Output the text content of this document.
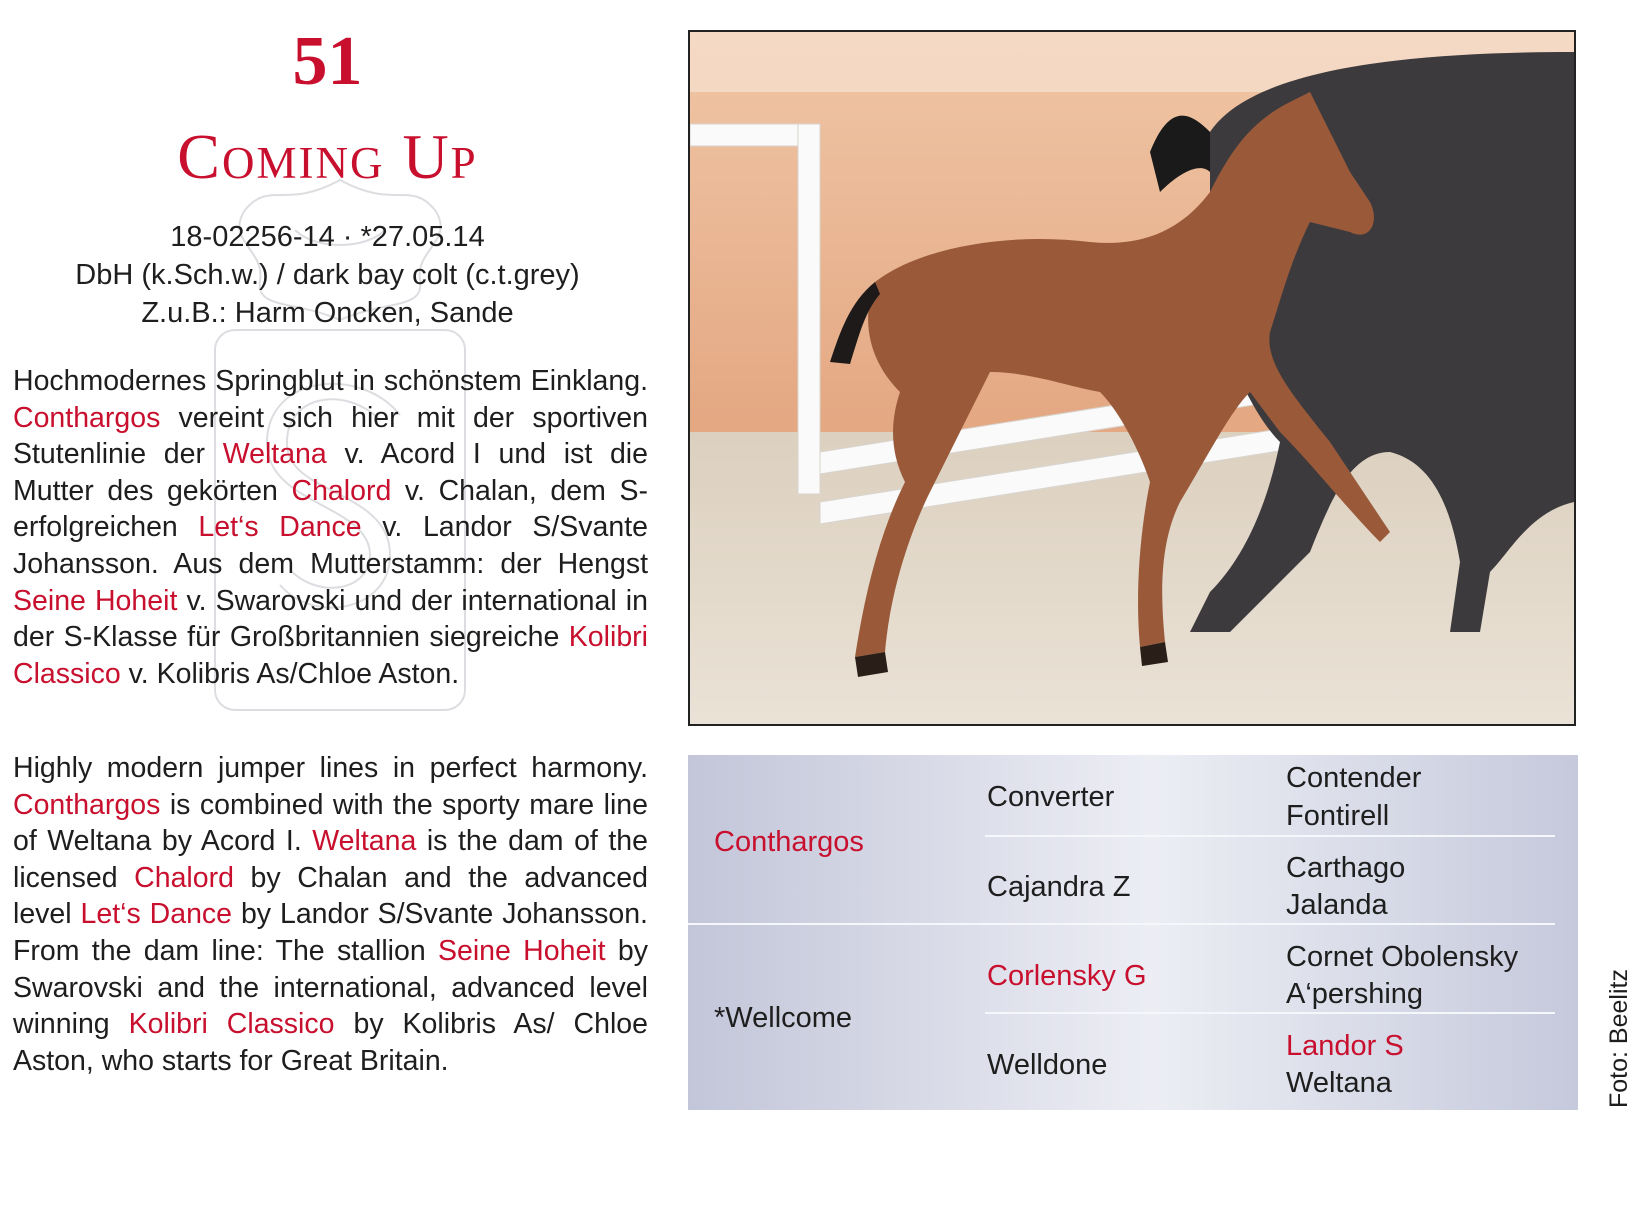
51
Coming Up
18-02256-14 · *27.05.14
DbH (k.Sch.w.) / dark bay colt (c.t.grey)
Z.u.B.: Harm Oncken, Sande
Hochmodernes Springblut in schönstem Einklang. Conthargos vereint sich hier mit der sportiven Stutenlinie der Weltana v. Acord I und ist die Mutter des gekörten Chalord v. Chalan, dem S-erfolgreichen Let‘s Dance v. Landor S/Svante Johansson. Aus dem Mutterstamm: der Hengst Seine Hoheit v. Swarovski und der international in der S-Klasse für Großbritannien siegreiche Kolibri Classico v. Kolibris As/Chloe Aston.
Highly modern jumper lines in perfect harmony. Conthargos is combined with the sporty mare line of Weltana by Acord I. Weltana is the dam of the licensed Chalord by Chalan and the advanced level Let‘s Dance by Landor S/Svante Johansson. From the dam line: The stallion Seine Hoheit by Swarovski and the international, advanced level winning Kolibri Classico by Kolibris As/ Chloe Aston, who starts for Great Britain.
Conthargos
*Wellcome
Converter
Cajandra Z
Corlensky G
Welldone
Contender
Fontirell
Carthago
Jalanda
Cornet Obolensky
A‘pershing
Landor S
Weltana	Foto: Beelitz
